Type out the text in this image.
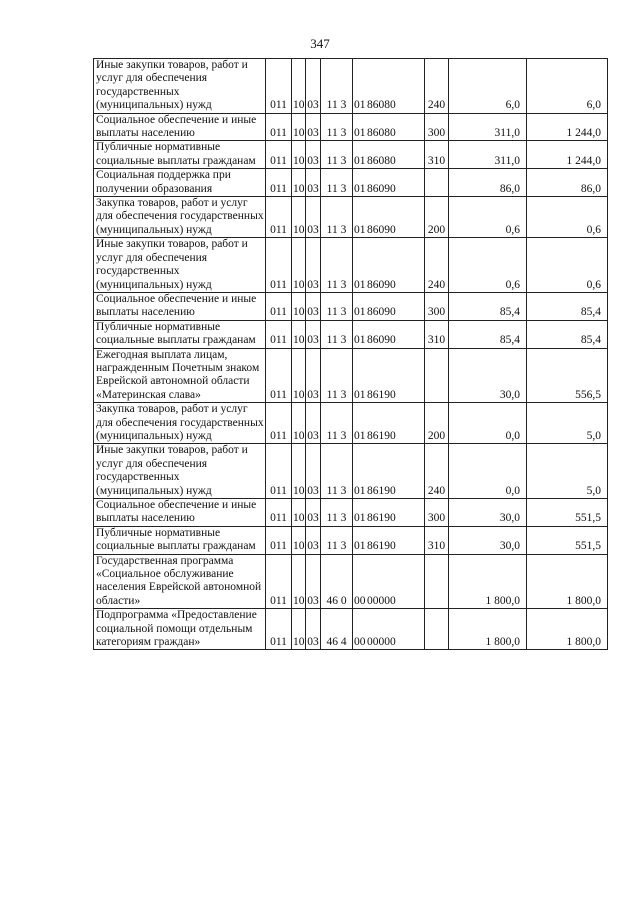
347
Иные закупки товаров, работ и услуг для обеспечения государственных (муниципальных) нужд	011	10	03	11 3	01 86080	240	6,0	6,0
Социальное обеспечение и иные выплаты населению	011	10	03	11 3	01 86080	300	311,0	1 244,0
Публичные нормативные социальные выплаты гражданам	011	10	03	11 3	01 86080	310	311,0	1 244,0
Социальная поддержка при получении образования	011	10	03	11 3	01 86090		86,0	86,0
Закупка товаров, работ и услуг для обеспечения государственных (муниципальных) нужд	011	10	03	11 3	01 86090	200	0,6	0,6
Иные закупки товаров, работ и услуг для обеспечения государственных (муниципальных) нужд	011	10	03	11 3	01 86090	240	0,6	0,6
Социальное обеспечение и иные выплаты населению	011	10	03	11 3	01 86090	300	85,4	85,4
Публичные нормативные социальные выплаты гражданам	011	10	03	11 3	01 86090	310	85,4	85,4
Ежегодная выплата лицам, награжденным Почетным знаком Еврейской автономной области «Материнская слава»	011	10	03	11 3	01 86190		30,0	556,5
Закупка товаров, работ и услуг для обеспечения государственных (муниципальных) нужд	011	10	03	11 3	01 86190	200	0,0	5,0
Иные закупки товаров, работ и услуг для обеспечения государственных (муниципальных) нужд	011	10	03	11 3	01 86190	240	0,0	5,0
Социальное обеспечение и иные выплаты населению	011	10	03	11 3	01 86190	300	30,0	551,5
Публичные нормативные социальные выплаты гражданам	011	10	03	11 3	01 86190	310	30,0	551,5
Государственная программа «Социальное обслуживание населения Еврейской автономной области»	011	10	03	46 0	00 00000		1 800,0	1 800,0
Подпрограмма «Предоставление социальной помощи отдельным категориям граждан»	011	10	03	46 4	00 00000		1 800,0	1 800,0
